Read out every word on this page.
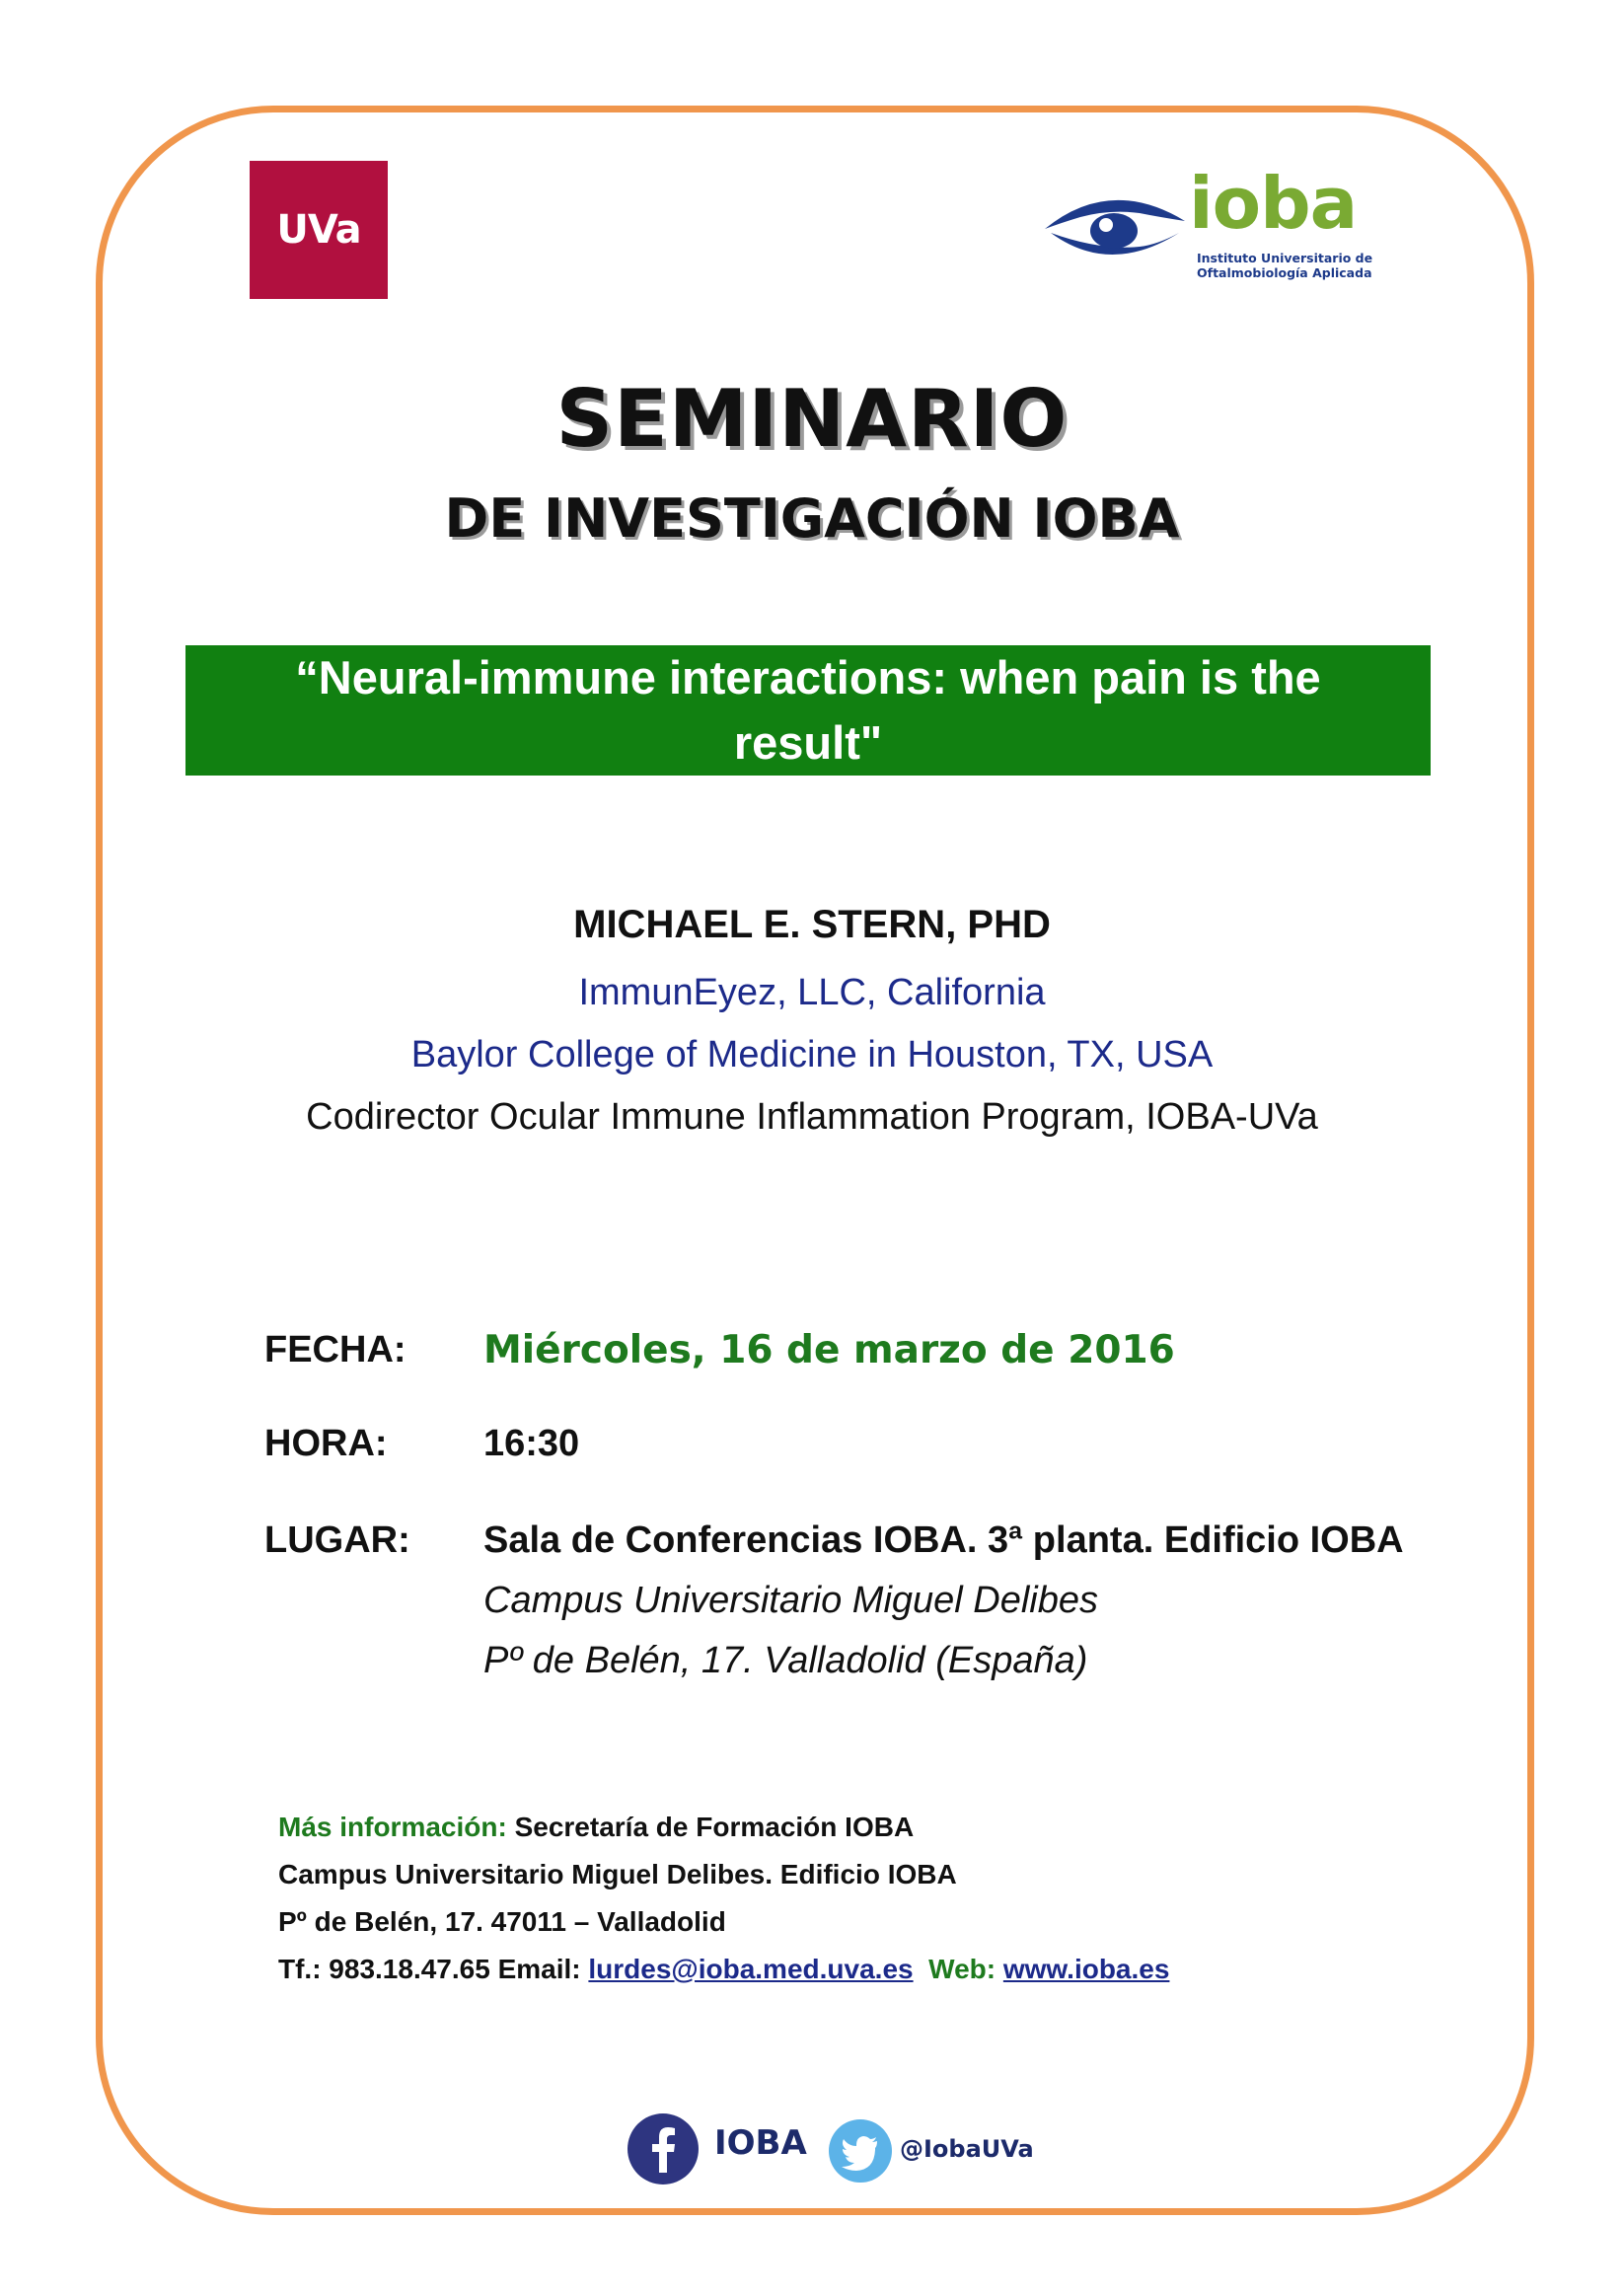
UVa	ioba
Instituto Universitario de
Oftalmobiología Aplicada
SEMINARIO
DE INVESTIGACIÓN IOBA
“Neural-immune interactions: when pain is the result"
MICHAEL E. STERN, PHD
ImmunEyez, LLC, California
Baylor College of Medicine in Houston, TX, USA
Codirector Ocular Immune Inflammation Program, IOBA-UVa
FECHA: Miércoles, 16 de marzo de 2016
HORA:	16:30
LUGAR: Sala de Conferencias IOBA. 3ª planta. Edificio IOBA
Campus Universitario Miguel Delibes
Pº de Belén, 17. Valladolid (España)
Más información: Secretaría de Formación IOBA
Campus Universitario Miguel Delibes. Edificio IOBA
Pº de Belén, 17. 47011 – Valladolid
Tf.: 983.18.47.65 Email: lurdes@ioba.med.uva.es  Web: www.ioba.es
IOBA	@IobaUVa
